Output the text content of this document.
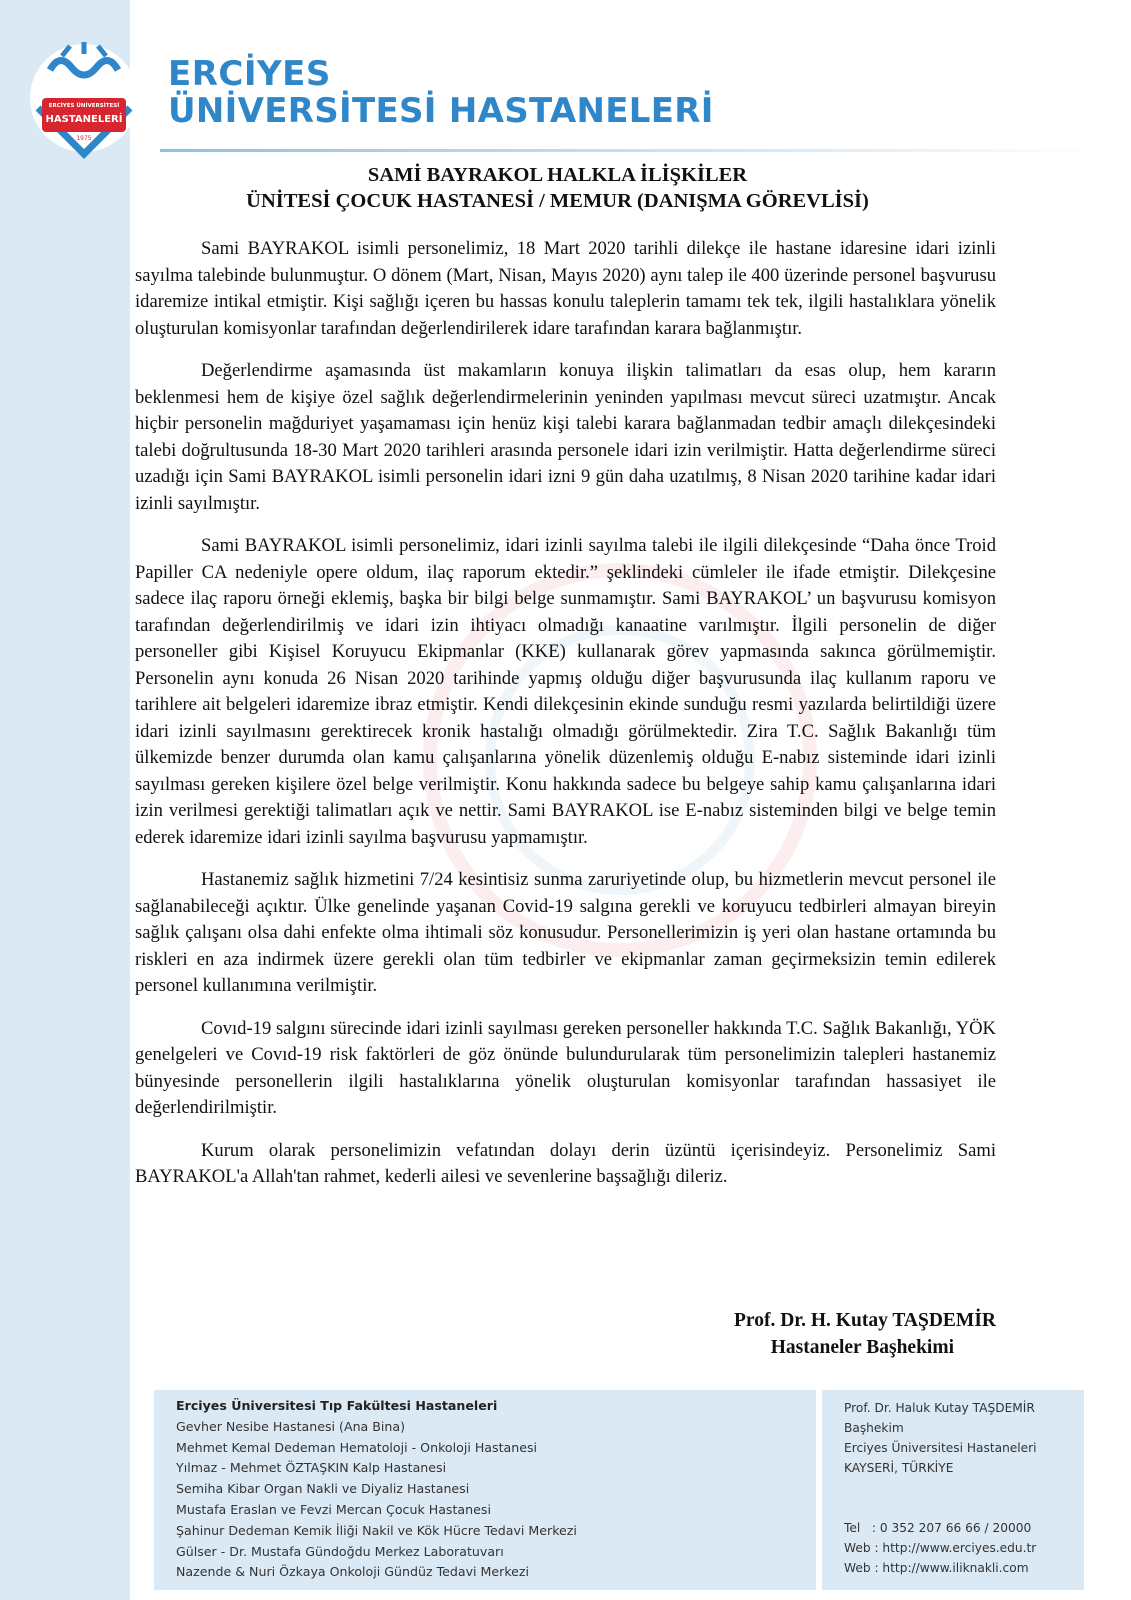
ERCİYES ÜNİVERSİTESİ
HASTANELERİ
1975
ERCİYES
ÜNİVERSİTESİ HASTANELERİ
SAMİ BAYRAKOL HALKLA İLİŞKİLER
ÜNİTESİ ÇOCUK HASTANESİ / MEMUR (DANIŞMA GÖREVLİSİ)

Sami BAYRAKOL isimli personelimiz, 18 Mart 2020 tarihli dilekçe ile hastane idaresine idari izinli sayılma talebinde bulunmuştur. O dönem (Mart, Nisan, Mayıs 2020) aynı talep ile 400 üzerinde personel başvurusu idaremize intikal etmiştir. Kişi sağlığı içeren bu hassas konulu taleplerin tamamı tek tek, ilgili hastalıklara yönelik oluşturulan komisyonlar tarafından değerlendirilerek idare tarafından karara bağlanmıştır.

Değerlendirme aşamasında üst makamların konuya ilişkin talimatları da esas olup, hem kararın beklenmesi hem de kişiye özel sağlık değerlendirmelerinin yeninden yapılması mevcut süreci uzatmıştır. Ancak hiçbir personelin mağduriyet yaşamaması için henüz kişi talebi karara bağlanmadan tedbir amaçlı dilekçesindeki talebi doğrultusunda 18-30 Mart 2020 tarihleri arasında personele idari izin verilmiştir. Hatta değerlendirme süreci uzadığı için Sami BAYRAKOL isimli personelin idari izni 9 gün daha uzatılmış, 8 Nisan 2020 tarihine kadar idari izinli sayılmıştır.

Sami BAYRAKOL isimli personelimiz, idari izinli sayılma talebi ile ilgili dilekçesinde “Daha önce Troid Papiller CA nedeniyle opere oldum, ilaç raporum ektedir.” şeklindeki cümleler ile ifade etmiştir. Dilekçesine sadece ilaç raporu örneği eklemiş, başka bir bilgi belge sunmamıştır. Sami BAYRAKOL’ un başvurusu komisyon tarafından değerlendirilmiş ve idari izin ihtiyacı olmadığı kanaatine varılmıştır. İlgili personelin de diğer personeller gibi Kişisel Koruyucu Ekipmanlar (KKE) kullanarak görev yapmasında sakınca görülmemiştir. Personelin aynı konuda 26 Nisan 2020 tarihinde yapmış olduğu diğer başvurusunda ilaç kullanım raporu ve tarihlere ait belgeleri idaremize ibraz etmiştir. Kendi dilekçesinin ekinde sunduğu resmi yazılarda belirtildiği üzere idari izinli sayılmasını gerektirecek kronik hastalığı olmadığı görülmektedir. Zira T.C. Sağlık Bakanlığı tüm ülkemizde benzer durumda olan kamu çalışanlarına yönelik düzenlemiş olduğu E-nabız sisteminde idari izinli sayılması gereken kişilere özel belge verilmiştir. Konu hakkında sadece bu belgeye sahip kamu çalışanlarına idari izin verilmesi gerektiği talimatları açık ve nettir. Sami BAYRAKOL ise E-nabız sisteminden bilgi ve belge temin ederek idaremize idari izinli sayılma başvurusu yapmamıştır.

Hastanemiz sağlık hizmetini 7/24 kesintisiz sunma zaruriyetinde olup, bu hizmetlerin mevcut personel ile sağlanabileceği açıktır. Ülke genelinde yaşanan Covid-19 salgına gerekli ve koruyucu tedbirleri almayan bireyin sağlık çalışanı olsa dahi enfekte olma ihtimali söz konusudur. Personellerimizin iş yeri olan hastane ortamında bu riskleri en aza indirmek üzere gerekli olan tüm tedbirler ve ekipmanlar zaman geçirmeksizin temin edilerek personel kullanımına verilmiştir.

Covıd-19 salgını sürecinde idari izinli sayılması gereken personeller hakkında T.C. Sağlık Bakanlığı, YÖK genelgeleri ve Covıd-19 risk faktörleri de göz önünde bulundurularak tüm personelimizin talepleri hastanemiz bünyesinde personellerin ilgili hastalıklarına yönelik oluşturulan komisyonlar tarafından hassasiyet ile değerlendirilmiştir.

Kurum olarak personelimizin vefatından dolayı derin üzüntü içerisindeyiz. Personelimiz Sami BAYRAKOL'a Allah'tan rahmet, kederli ailesi ve sevenlerine başsağlığı dileriz.

Prof. Dr. H. Kutay TAŞDEMİR
Hastaneler Başhekimi
Erciyes Üniversitesi Tıp Fakültesi Hastaneleri
Gevher Nesibe Hastanesi (Ana Bina)
Mehmet Kemal Dedeman Hematoloji - Onkoloji Hastanesi
Yılmaz - Mehmet ÖZTAŞKIN Kalp Hastanesi
Semiha Kibar Organ Nakli ve Diyaliz Hastanesi
Mustafa Eraslan ve Fevzi Mercan Çocuk Hastanesi
Şahinur Dedeman Kemik İliği Nakil ve Kök Hücre Tedavi Merkezi
Gülser - Dr. Mustafa Gündoğdu Merkez Laboratuvarı
Nazende & Nuri Özkaya Onkoloji Gündüz Tedavi Merkezi
Prof. Dr. Haluk Kutay TAŞDEMİR
Başhekim
Erciyes Üniversitesi Hastaneleri
KAYSERİ, TÜRKİYE
Tel   : 0 352 207 66 66 / 20000
Web : http://www.erciyes.edu.tr
Web : http://www.iliknakli.com
